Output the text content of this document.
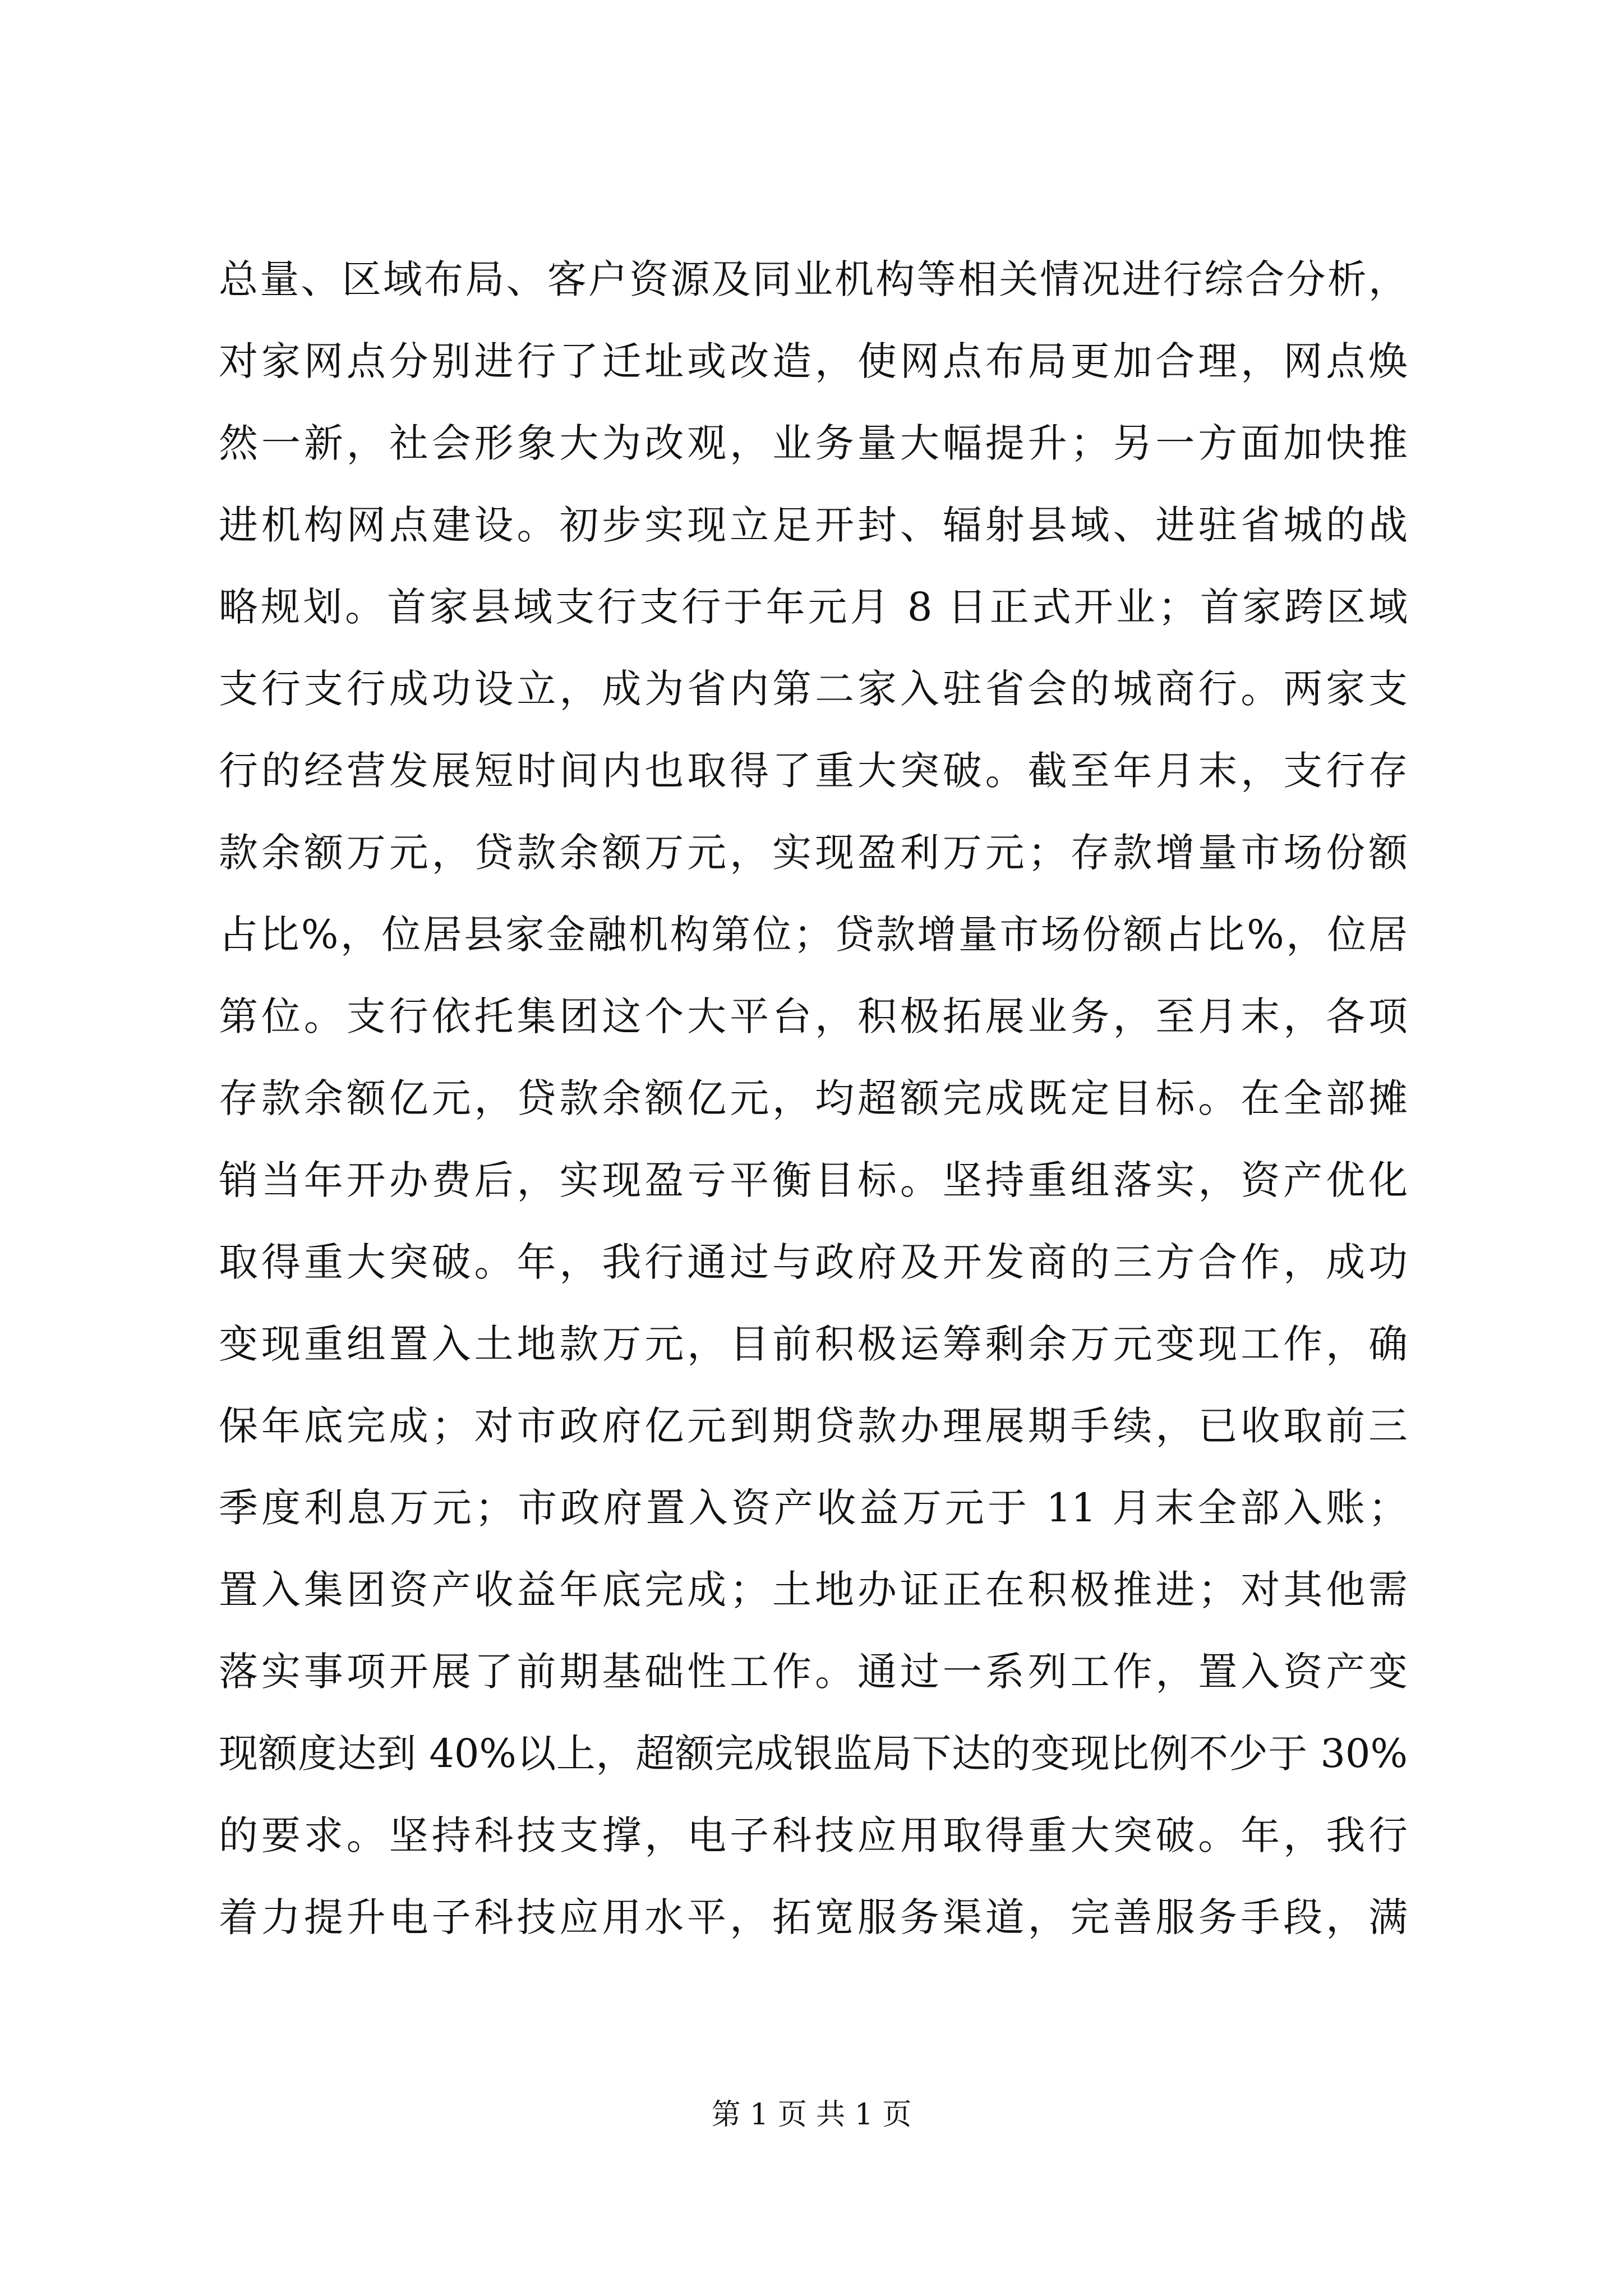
总量、区域布局、客户资源及同业机构等相关情况进行综合分析，
对家网点分别进行了迁址或改造，使网点布局更加合理，网点焕
然一新，社会形象大为改观，业务量大幅提升；另一方面加快推
进机构网点建设。初步实现立足开封、辐射县域、进驻省城的战
略规划。首家县域支行支行于年元月 8 日正式开业；首家跨区域
支行支行成功设立，成为省内第二家入驻省会的城商行。两家支
行的经营发展短时间内也取得了重大突破。截至年月末，支行存
款余额万元，贷款余额万元，实现盈利万元；存款增量市场份额
占比%，位居县家金融机构第位；贷款增量市场份额占比%，位居
第位。支行依托集团这个大平台，积极拓展业务，至月末，各项
存款余额亿元，贷款余额亿元，均超额完成既定目标。在全部摊
销当年开办费后，实现盈亏平衡目标。坚持重组落实，资产优化
取得重大突破。年，我行通过与政府及开发商的三方合作，成功
变现重组置入土地款万元，目前积极运筹剩余万元变现工作，确
保年底完成；对市政府亿元到期贷款办理展期手续，已收取前三
季度利息万元；市政府置入资产收益万元于 11 月末全部入账；
置入集团资产收益年底完成；土地办证正在积极推进；对其他需
落实事项开展了前期基础性工作。通过一系列工作，置入资产变
现额度达到 40%以上，超额完成银监局下达的变现比例不少于 30%
的要求。坚持科技支撑，电子科技应用取得重大突破。年，我行
着力提升电子科技应用水平，拓宽服务渠道，完善服务手段，满
第 1 页 共 1 页
